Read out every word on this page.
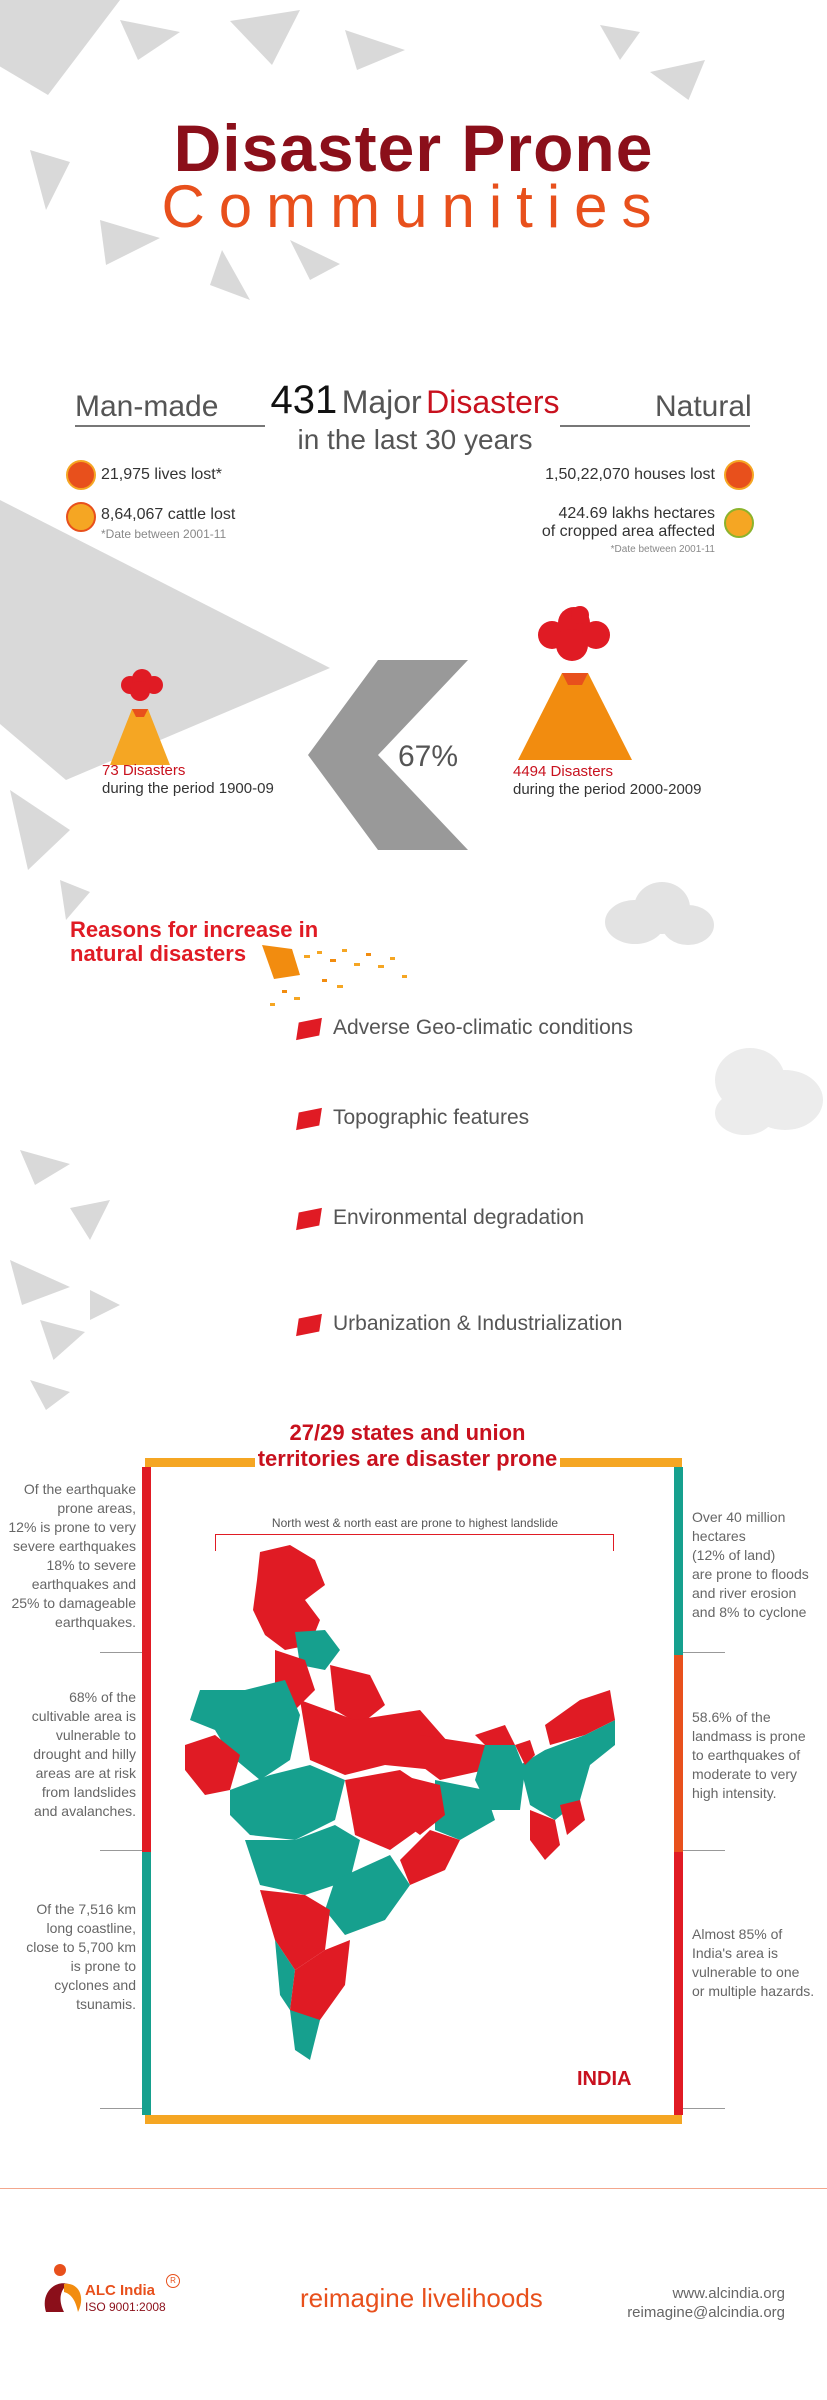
Disaster Prone
Communities
Man-made	Natural
431 Major Disasters
in the last 30 years
21,975 lives lost*
8,64,067 cattle lost
*Date between 2001-11
1,50,22,070 houses lost
424.69 lakhs hectares
of cropped area affected
*Date between 2001-11
73 Disasters
during the period 1900-09
67%	4494 Disasters
during the period 2000-2009
Reasons for increase in
natural disasters
Adverse Geo-climatic conditions
Topographic features
Environmental degradation
Urbanization & Industrialization
27/29 states and union
territories are disaster prone
North west & north east are prone to highest landslide
INDIA
Of the earthquake
prone areas,
12% is prone to very
severe earthquakes
18% to severe
earthquakes and
25% to damageable
earthquakes.
68% of the
cultivable area is
vulnerable to
drought and hilly
areas are at risk
from landslides
and avalanches.
Of the 7,516 km
long coastline,
close to 5,700 km
is prone to
cyclones and
tsunamis.
Over 40 million
hectares
(12% of land)
are prone to floods
and river erosion
and 8% to cyclone
58.6% of the
landmass is prone
to earthquakes of
moderate to very
high intensity.
Almost 85% of
India's area is
vulnerable to one
or multiple hazards.
ALC India
R
ISO 9001:2008	reimagine livelihoods	www.alcindia.org
reimagine@alcindia.org
